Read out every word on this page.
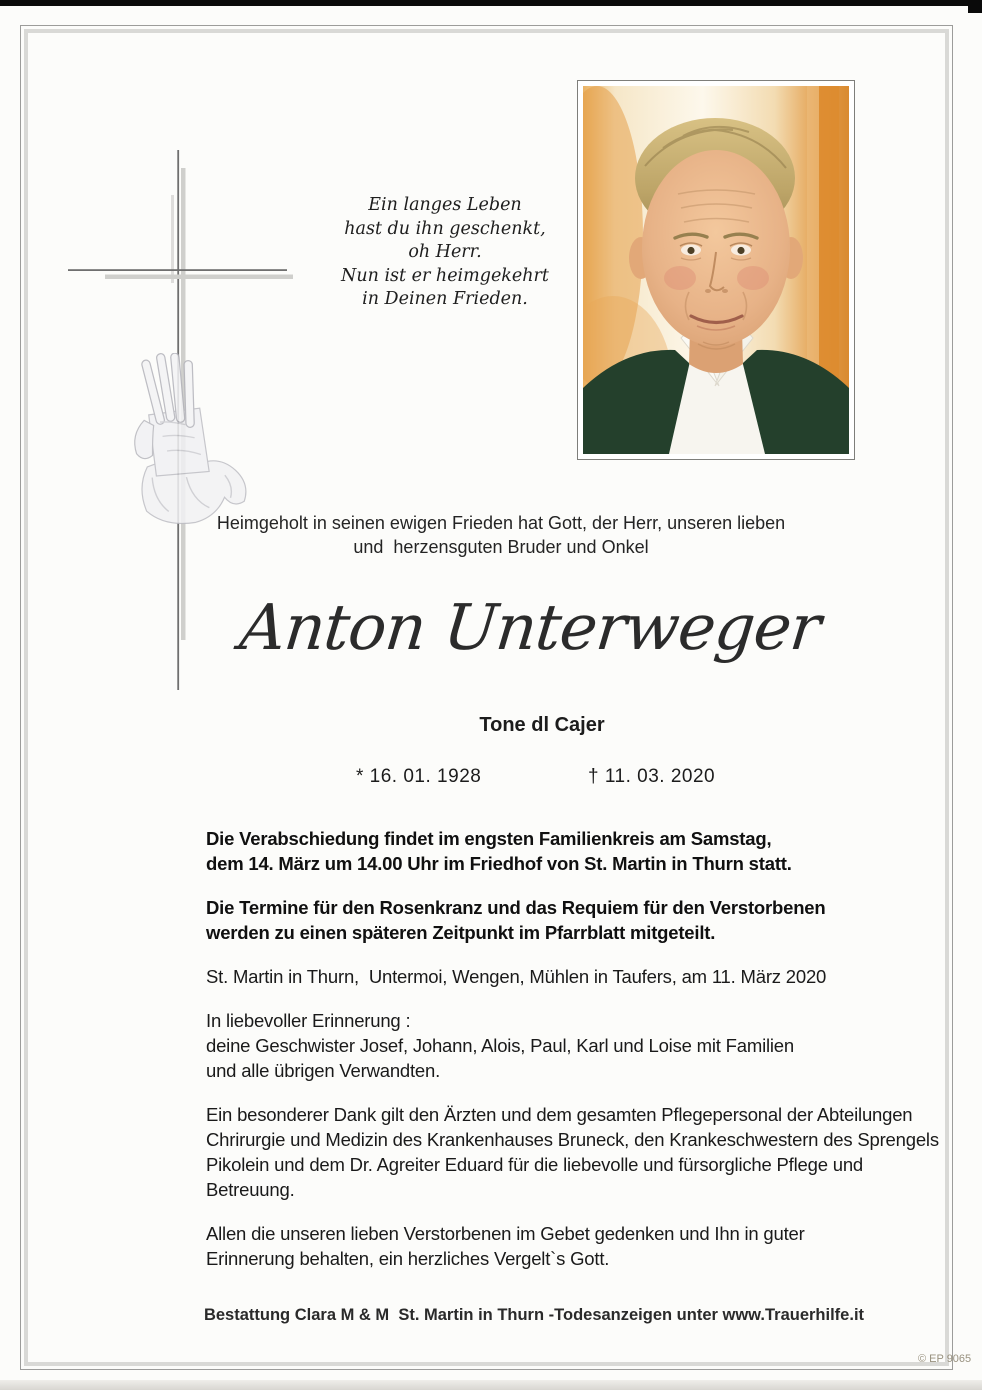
Ein langes Leben
hast du ihn geschenkt,
oh Herr.
Nun ist er heimgekehrt
in Deinen Frieden.
Heimgeholt in seinen ewigen Frieden hat Gott, der Herr, unseren lieben
und  herzensguten Bruder und Onkel
Anton Unterweger
Tone dl Cajer
* 16. 01. 1928	† 11. 03. 2020
Die Verabschiedung findet im engsten Familienkreis am Samstag,
dem 14. März um 14.00 Uhr im Friedhof von St. Martin in Thurn statt.
Die Termine für den Rosenkranz und das Requiem für den Verstorbenen
werden zu einen späteren Zeitpunkt im Pfarrblatt mitgeteilt.
St. Martin in Thurn,  Untermoi, Wengen, Mühlen in Taufers, am 11. März 2020
In liebevoller Erinnerung :
deine Geschwister Josef, Johann, Alois, Paul, Karl und Loise mit Familien
und alle übrigen Verwandten.
Ein besonderer Dank gilt den Ärzten und dem gesamten Pflegepersonal der Abteilungen
Chrirurgie und Medizin des Krankenhauses Bruneck, den Krankeschwestern des Sprengels
Pikolein und dem Dr. Agreiter Eduard für die liebevolle und fürsorgliche Pflege und
Betreuung.
Allen die unseren lieben Verstorbenen im Gebet gedenken und Ihn in guter
Erinnerung behalten, ein herzliches Vergelt`s Gott.
Bestattung Clara M & M  St. Martin in Thurn -Todesanzeigen unter www.Trauerhilfe.it
© EP 9065
